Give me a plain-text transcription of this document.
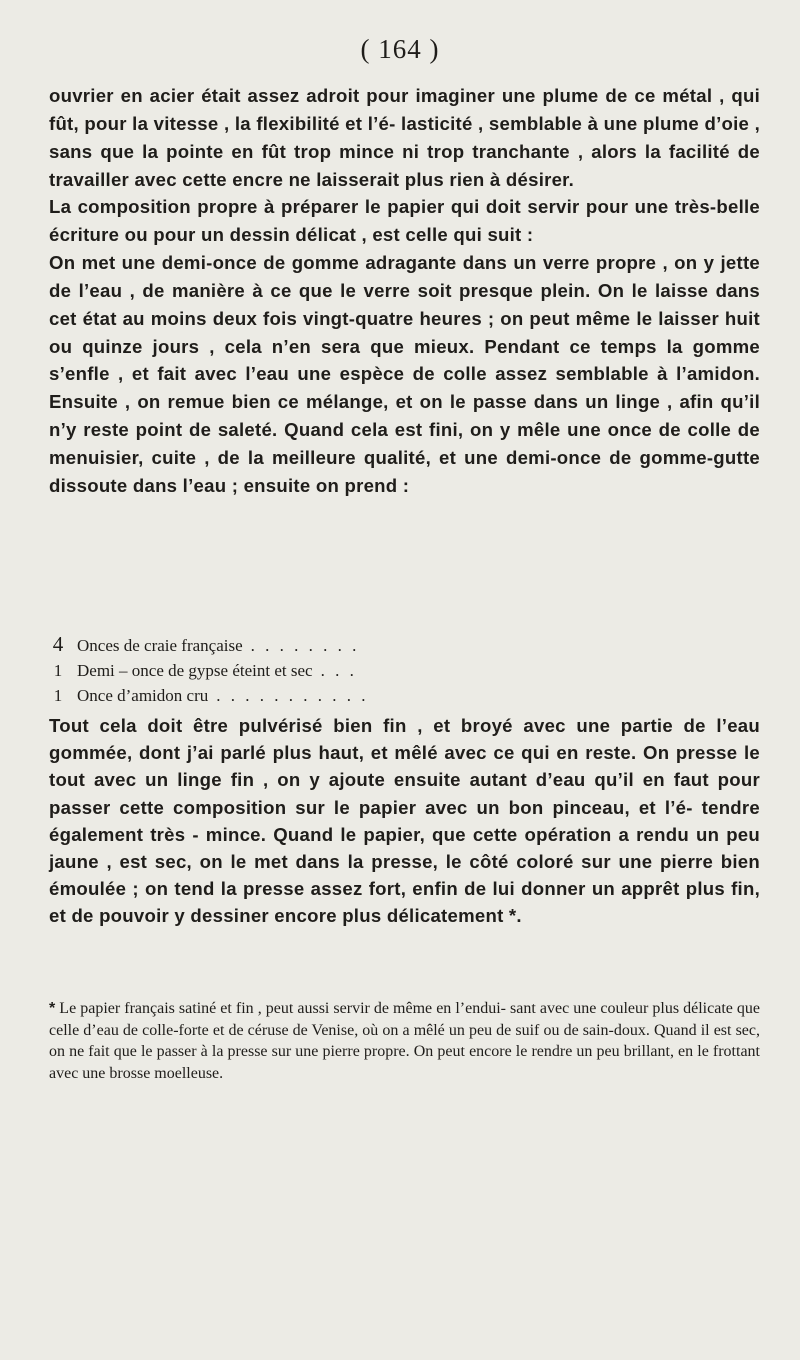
( 164 )

ouvrier en acier était assez adroit pour imaginer une plume de ce métal , qui fût, pour la vitesse , la flexibilité et l’é- lasticité , semblable à une plume d’oie , sans que la pointe en fût trop mince ni trop tranchante , alors la facilité de travailler avec cette encre ne laisserait plus rien à désirer.

La composition propre à préparer le papier qui doit servir pour une très-belle écriture ou pour un dessin délicat , est celle qui suit :

On met une demi-once de gomme adragante dans un verre propre , on y jette de l’eau , de manière à ce que le verre soit presque plein. On le laisse dans cet état au moins deux fois vingt-quatre heures ; on peut même le laisser huit ou quinze jours , cela n’en sera que mieux. Pendant ce temps la gomme s’enfle , et fait avec l’eau une espèce de colle assez semblable à l’amidon. Ensuite , on remue bien ce mélange, et on le passe dans un linge , afin qu’il n’y reste point de saleté. Quand cela est fini, on y mêle une once de colle de menuisier, cuite , de la meilleure qualité, et une demi-once de gomme-gutte dissoute dans l’eau ; ensuite on prend :

4 Onces de craie française . . . . . . . .
1 Demi – once de gypse éteint et sec . . .
1 Once d’amidon cru . . . . . . . . . . .

Tout cela doit être pulvérisé bien fin , et broyé avec une partie de l’eau gommée, dont j’ai parlé plus haut, et mêlé avec ce qui en reste. On presse le tout avec un linge fin , on y ajoute ensuite autant d’eau qu’il en faut pour passer cette composition sur le papier avec un bon pinceau, et l’é- tendre également très - mince. Quand le papier, que cette opération a rendu un peu jaune , est sec, on le met dans la presse, le côté coloré sur une pierre bien émoulée ; on tend la presse assez fort, enfin de lui donner un apprêt plus fin, et de pouvoir y dessiner encore plus délicatement *.

* Le papier français satiné et fin , peut aussi servir de même en l’endui- sant avec une couleur plus délicate que celle d’eau de colle-forte et de céruse de Venise, où on a mêlé un peu de suif ou de sain-doux. Quand il est sec, on ne fait que le passer à la presse sur une pierre propre. On peut encore le rendre un peu brillant, en le frottant avec une brosse moelleuse.
